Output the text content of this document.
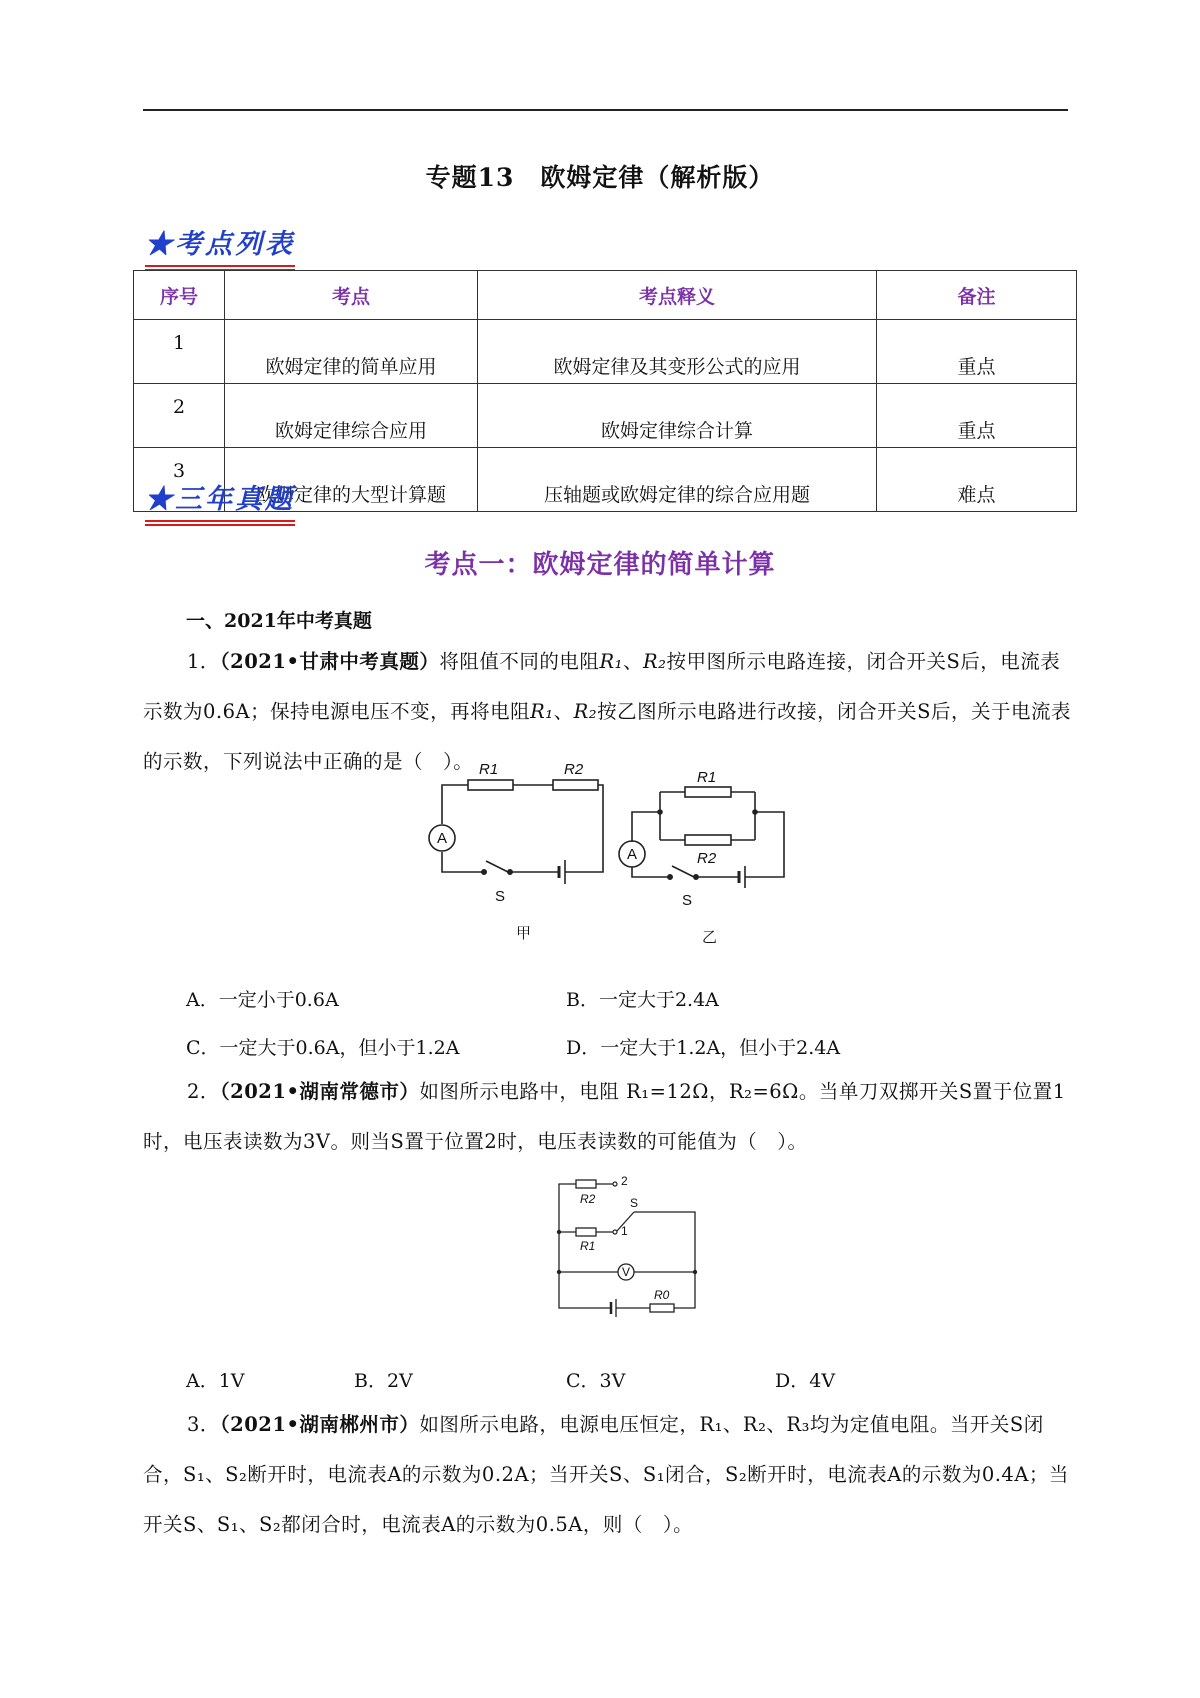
专题13　欧姆定律（解析版）
★考点列表
序号	考点	考点释义	备注
1	欧姆定律的简单应用	欧姆定律及其变形公式的应用	重点
2	欧姆定律综合应用	欧姆定律综合计算	重点
3	欧姆定律的大型计算题	压轴题或欧姆定律的综合应用题	难点
★三年真题
考点一：欧姆定律的简单计算
一、2021年中考真题
1．（2021•甘肃中考真题）将阻值不同的电阻R₁、R₂按甲图所示电路连接，闭合开关S后，电流表示数为0.6A；保持电源电压不变，再将电阻R₁、R₂按乙图所示电路进行改接，闭合开关S后，关于电流表的示数，下列说法中正确的是（　）。
A
A
R1	R2	R1
R2
S	S
甲	乙
A．一定小于0.6A	B．一定大于2.4A
C．一定大于0.6A，但小于1.2A	D．一定大于1.2A，但小于2.4A
2．（2021•湖南常德市）如图所示电路中，电阻 R₁=12Ω，R₂=6Ω。当单刀双掷开关S置于位置1时，电压表读数为3V。则当S置于位置2时，电压表读数的可能值为（　）。
R2
R1
R0
2
1
S
V
A．1V	B．2V	C．3V	D．4V
3．（2021•湖南郴州市）如图所示电路，电源电压恒定，R₁、R₂、R₃均为定值电阻。当开关S闭合，S₁、S₂断开时，电流表A的示数为0.2A；当开关S、S₁闭合，S₂断开时，电流表A的示数为0.4A；当开关S、S₁、S₂都闭合时，电流表A的示数为0.5A，则（　）。
